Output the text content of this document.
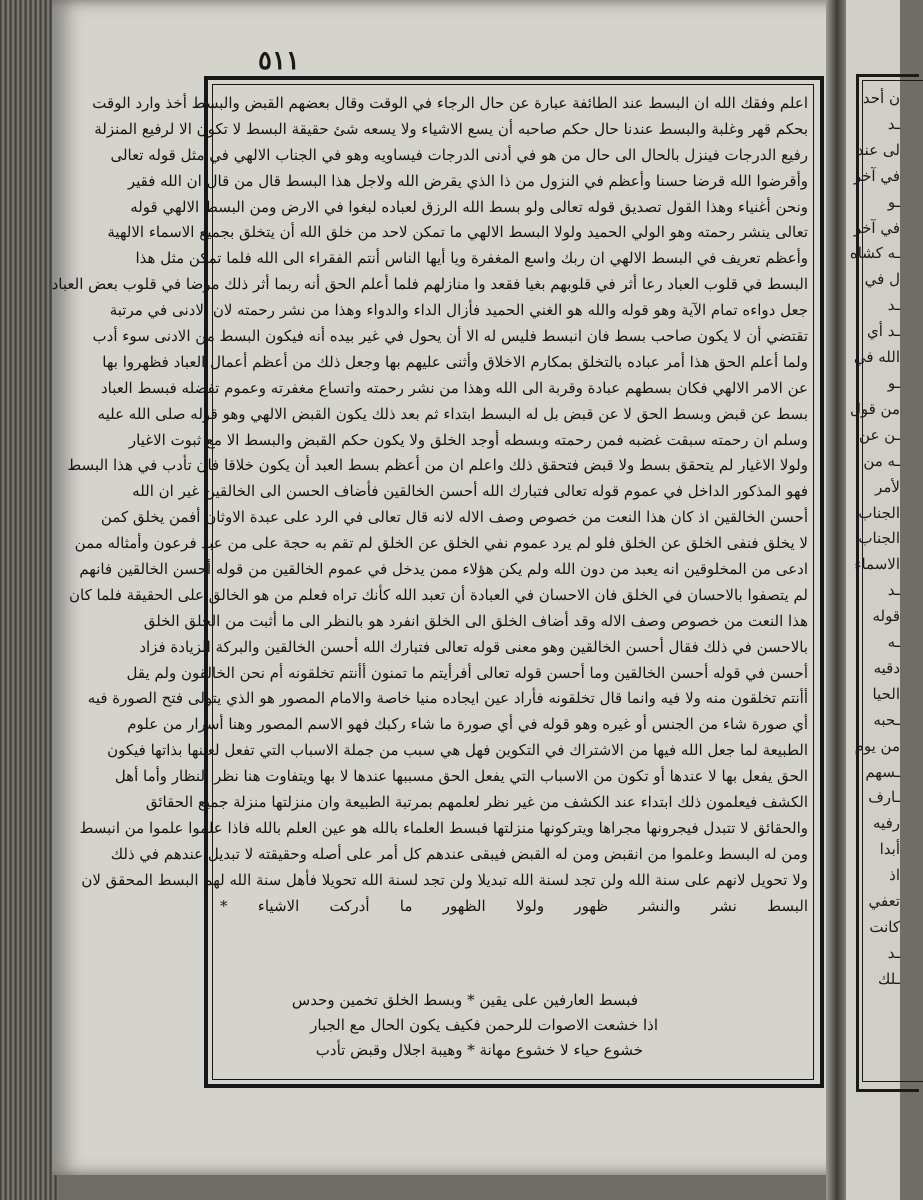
ن أحد
ـد
لى عند
في آخر
ـو
في آخر
ـه كشاه
ل في
ـد
ـد أي
الله في
ـو
من قول
ـن عن
ـه من
لأمر
الجناب
الجناب
الاسماء
ـد
قوله
ـه
دقيه
الحيا
ـحبه
من يوم
ـسهم
ـارف
رفيه
أبدا
اذ
تعفي
كانت
ـد
ـلك
٥١١
اعلم وفقك الله ان البسط عند الطائفة عبارة عن حال الرجاء في الوقت وقال بعضهم القبض والبسط أخذ وارد الوقت
بحكم قهر وغلبة والبسط عندنا حال حكم صاحبه أن يسع الاشياء ولا يسعه شئ حقيقة البسط لا تكون الا لرفيع المنزلة
رفيع الدرجات فينزل بالحال الى حال من هو في أدنى الدرجات فيساويه وهو في الجناب الالهي في مثل قوله تعالى
وأقرضوا الله قرضا حسنا وأعظم في النزول من ذا الذي يقرض الله ولاجل هذا البسط قال من قال ان الله فقير
ونحن أغنياء وهذا القول تصديق قوله تعالى ولو بسط الله الرزق لعباده لبغوا في الارض ومن البسط الالهي قوله
تعالى ينشر رحمته وهو الولي الحميد ولولا البسط الالهي ما تمكن لاحد من خلق الله أن يتخلق بجميع الاسماء الالهية
وأعظم تعريف في البسط الالهي ان ربك واسع المغفرة ويا أيها الناس أنتم الفقراء الى الله فلما تمكن مثل هذا
البسط في قلوب العباد رعا أثر في قلوبهم بغيا فقعد وا منازلهم فلما أعلم الحق أنه ربما أثر ذلك مرضا في قلوب بعض العباد
جعل دواءه تمام الآية وهو قوله والله هو الغني الحميد فأزال الداء والدواء وهذا من نشر رحمته لان الادنى في مرتبة
تقتضي أن لا يكون صاحب بسط فان انبسط فليس له الا أن يحول في غير بيده أنه فيكون البسط من الادنى سوء أدب
ولما أعلم الحق هذا أمر عباده بالتخلق بمكارم الاخلاق وأثنى عليهم بها وجعل ذلك من أعظم أعمال العباد فظهروا بها
عن الامر الالهي فكان بسطهم عبادة وقربة الى الله وهذا من نشر رحمته واتساع مغفرته وعموم تفضله فبسط العباد
بسط عن قبض وبسط الحق لا عن قبض بل له البسط ابتداء ثم بعد ذلك يكون القبض الالهي وهو قوله صلى الله عليه
وسلم ان رحمته سبقت غضبه فمن رحمته وبسطه أوجد الخلق ولا يكون حكم القبض والبسط الا مع ثبوت الاغيار
ولولا الاغيار لم يتحقق بسط ولا قبض فتحقق ذلك واعلم ان من أعظم بسط العبد أن يكون خلاقا فان تأدب في هذا البسط
فهو المذكور الداخل في عموم قوله تعالى فتبارك الله أحسن الخالقين فأضاف الحسن الى الخالقين غير ان الله
أحسن الخالقين اذ كان هذا النعت من خصوص وصف الاله لانه قال تعالى في الرد على عبدة الاوثان أفمن يخلق كمن
لا يخلق فنفى الخلق عن الخلق فلو لم يرد عموم نفي الخلق عن الخلق لم تقم به حجة على من عبد فرعون وأمثاله ممن
ادعى من المخلوقين انه يعبد من دون الله ولم يكن هؤلاء ممن يدخل في عموم الخالقين من قوله أحسن الخالقين فانهم
لم يتصفوا بالاحسان في الخلق فان الاحسان في العبادة أن تعبد الله كأنك تراه فعلم من هو الخالق على الحقيقة فلما كان
هذا النعت من خصوص وصف الاله وقد أضاف الخلق الى الخلق انفرد هو بالنظر الى ما أثبت من الخلق الخلق
بالاحسن في ذلك فقال أحسن الخالقين وهو معنى قوله تعالى فتبارك الله أحسن الخالقين والبركة الزيادة فزاد
أحسن في قوله أحسن الخالقين وما أحسن قوله تعالى أفرأيتم ما تمنون أأنتم تخلقونه أم نحن الخالقون ولم يقل
أأنتم تخلقون منه ولا فيه وانما قال تخلقونه فأراد عين ايجاده منيا خاصة والامام المصور هو الذي يتولى فتح الصورة فيه
أي صورة شاء من الجنس أو غيره وهو قوله في أي صورة ما شاء ركبك فهو الاسم المصور وهنا أسرار من علوم
الطبيعة لما جعل الله فيها من الاشتراك في التكوين فهل هي سبب من جملة الاسباب التي تفعل لعينها بذاتها فيكون
الحق يفعل بها لا عندها أو تكون من الاسباب التي يفعل الحق مسببها عندها لا بها ويتفاوت هنا نظر النظار وأما أهل
الكشف فيعلمون ذلك ابتداء عند الكشف من غير نظر لعلمهم بمرتبة الطبيعة وان منزلتها منزلة جميع الحقائق
والحقائق لا تتبدل فيجرونها مجراها ويتركونها منزلتها فبسط العلماء بالله هو عين العلم بالله فاذا علموا علموا من انبسط
ومن له البسط وعلموا من انقبض ومن له القبض فيبقى عندهم كل أمر على أصله وحقيقته لا تبديل عندهم في ذلك
ولا تحويل لانهم على سنة الله ولن تجد لسنة الله تبديلا ولن تجد لسنة الله تحويلا فأهل سنة الله لهم البسط المحقق لان
البسط نشر والنشر ظهور ولولا الظهور ما أدركت الاشياء *
فبسط العارفين على يقين * وبسط الخلق تخمين وحدس
اذا خشعت الاصوات للرحمن فكيف يكون الحال مع الجبار
خشوع حياء لا خشوع مهانة * وهيبة اجلال وقبض تأدب
